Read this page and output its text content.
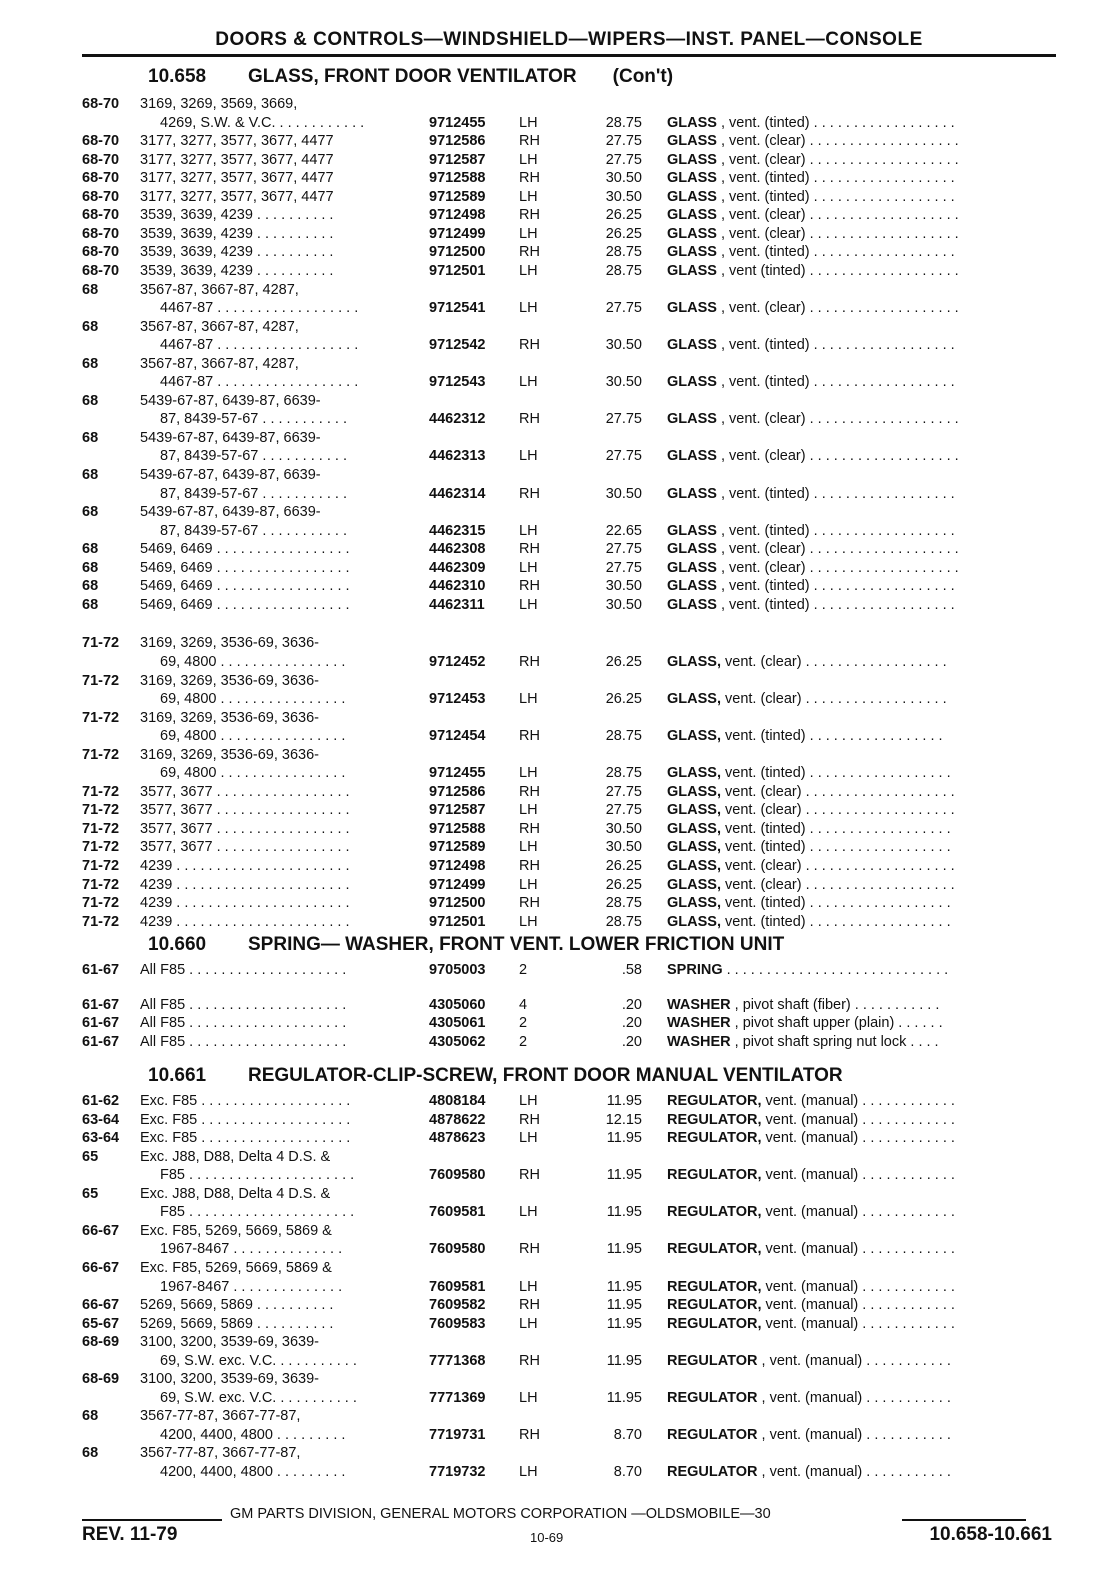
DOORS & CONTROLS—WINDSHIELD—WIPERS—INST. PANEL—CONSOLE
10.658 GLASS, FRONT DOOR VENTILATOR (Con't)
10.660 SPRING— WASHER, FRONT VENT. LOWER FRICTION UNIT
10.661 REGULATOR-CLIP-SCREW, FRONT DOOR MANUAL VENTILATOR
68-70 3169, 3269, 3569, 3669,
4269, S.W. & V.C. . . . . . . . . . . .	9712455	LH	28.75 GLASS , vent. (tinted) . . . . . . . . . . . . . . . . . .
68-70 3177, 3277, 3577, 3677, 4477	9712586	RH	27.75 GLASS , vent. (clear) . . . . . . . . . . . . . . . . . . .
68-70 3177, 3277, 3577, 3677, 4477	9712587	LH	27.75 GLASS , vent. (clear) . . . . . . . . . . . . . . . . . . .
68-70 3177, 3277, 3577, 3677, 4477	9712588	RH	30.50 GLASS , vent. (tinted) . . . . . . . . . . . . . . . . . .
68-70 3177, 3277, 3577, 3677, 4477	9712589	LH	30.50 GLASS , vent. (tinted) . . . . . . . . . . . . . . . . . .
68-70 3539, 3639, 4239 . . . . . . . . . .	9712498	RH	26.25 GLASS , vent. (clear) . . . . . . . . . . . . . . . . . . .
68-70 3539, 3639, 4239 . . . . . . . . . .	9712499	LH	26.25 GLASS , vent. (clear) . . . . . . . . . . . . . . . . . . .
68-70 3539, 3639, 4239 . . . . . . . . . .	9712500	RH	28.75 GLASS , vent. (tinted) . . . . . . . . . . . . . . . . . .
68-70 3539, 3639, 4239 . . . . . . . . . .	9712501	LH	28.75 GLASS , vent (tinted) . . . . . . . . . . . . . . . . . . .
68	3567-87, 3667-87, 4287,
4467-87 . . . . . . . . . . . . . . . . . .	9712541	LH	27.75 GLASS , vent. (clear) . . . . . . . . . . . . . . . . . . .
68	3567-87, 3667-87, 4287,
4467-87 . . . . . . . . . . . . . . . . . .	9712542	RH	30.50 GLASS , vent. (tinted) . . . . . . . . . . . . . . . . . .
68	3567-87, 3667-87, 4287,
4467-87 . . . . . . . . . . . . . . . . . .	9712543	LH	30.50 GLASS , vent. (tinted) . . . . . . . . . . . . . . . . . .
68	5439-67-87, 6439-87, 6639-
87, 8439-57-67 . . . . . . . . . . .	4462312	RH	27.75 GLASS , vent. (clear) . . . . . . . . . . . . . . . . . . .
68	5439-67-87, 6439-87, 6639-
87, 8439-57-67 . . . . . . . . . . .	4462313	LH	27.75 GLASS , vent. (clear) . . . . . . . . . . . . . . . . . . .
68	5439-67-87, 6439-87, 6639-
87, 8439-57-67 . . . . . . . . . . .	4462314	RH	30.50 GLASS , vent. (tinted) . . . . . . . . . . . . . . . . . .
68	5439-67-87, 6439-87, 6639-
87, 8439-57-67 . . . . . . . . . . .	4462315	LH	22.65 GLASS , vent. (tinted) . . . . . . . . . . . . . . . . . .
68	5469, 6469 . . . . . . . . . . . . . . . . .	4462308	RH	27.75 GLASS , vent. (clear) . . . . . . . . . . . . . . . . . . .
68	5469, 6469 . . . . . . . . . . . . . . . . .	4462309	LH	27.75 GLASS , vent. (clear) . . . . . . . . . . . . . . . . . . .
68	5469, 6469 . . . . . . . . . . . . . . . . .	4462310	RH	30.50 GLASS , vent. (tinted) . . . . . . . . . . . . . . . . . .
68	5469, 6469 . . . . . . . . . . . . . . . . .	4462311	LH	30.50 GLASS , vent. (tinted) . . . . . . . . . . . . . . . . . .
71-72 3169, 3269, 3536-69, 3636-
69, 4800 . . . . . . . . . . . . . . . .	9712452	RH	26.25 GLASS, vent. (clear) . . . . . . . . . . . . . . . . . .
71-72 3169, 3269, 3536-69, 3636-
69, 4800 . . . . . . . . . . . . . . . .	9712453	LH	26.25 GLASS, vent. (clear) . . . . . . . . . . . . . . . . . .
71-72 3169, 3269, 3536-69, 3636-
69, 4800 . . . . . . . . . . . . . . . .	9712454	RH	28.75 GLASS, vent. (tinted) . . . . . . . . . . . . . . . . .
71-72 3169, 3269, 3536-69, 3636-
69, 4800 . . . . . . . . . . . . . . . .	9712455	LH	28.75 GLASS, vent. (tinted) . . . . . . . . . . . . . . . . . .
71-72 3577, 3677 . . . . . . . . . . . . . . . . .	9712586	RH	27.75 GLASS, vent. (clear) . . . . . . . . . . . . . . . . . . .
71-72 3577, 3677 . . . . . . . . . . . . . . . . .	9712587	LH	27.75 GLASS, vent. (clear) . . . . . . . . . . . . . . . . . . .
71-72 3577, 3677 . . . . . . . . . . . . . . . . .	9712588	RH	30.50 GLASS, vent. (tinted) . . . . . . . . . . . . . . . . . .
71-72 3577, 3677 . . . . . . . . . . . . . . . . .	9712589	LH	30.50 GLASS, vent. (tinted) . . . . . . . . . . . . . . . . . .
71-72 4239 . . . . . . . . . . . . . . . . . . . . . .	9712498	RH	26.25 GLASS, vent. (clear) . . . . . . . . . . . . . . . . . . .
71-72 4239 . . . . . . . . . . . . . . . . . . . . . .	9712499	LH	26.25 GLASS, vent. (clear) . . . . . . . . . . . . . . . . . . .
71-72 4239 . . . . . . . . . . . . . . . . . . . . . .	9712500	RH	28.75 GLASS, vent. (tinted) . . . . . . . . . . . . . . . . . .
71-72 4239 . . . . . . . . . . . . . . . . . . . . . .	9712501	LH	28.75 GLASS, vent. (tinted) . . . . . . . . . . . . . . . . . .
61-67 All F85 . . . . . . . . . . . . . . . . . . . .	9705003	2	.58 SPRING . . . . . . . . . . . . . . . . . . . . . . . . . . . .
61-67 All F85 . . . . . . . . . . . . . . . . . . . .	4305060	4	.20 WASHER , pivot shaft (fiber) . . . . . . . . . . .
61-67 All F85 . . . . . . . . . . . . . . . . . . . .	4305061	2	.20 WASHER , pivot shaft upper (plain) . . . . . .
61-67 All F85 . . . . . . . . . . . . . . . . . . . .	4305062	2	.20 WASHER , pivot shaft spring nut lock . . . .
61-62 Exc. F85 . . . . . . . . . . . . . . . . . . .	4808184	LH	11.95 REGULATOR, vent. (manual) . . . . . . . . . . . .
63-64 Exc. F85 . . . . . . . . . . . . . . . . . . .	4878622	RH	12.15 REGULATOR, vent. (manual) . . . . . . . . . . . .
63-64 Exc. F85 . . . . . . . . . . . . . . . . . . .	4878623	LH	11.95 REGULATOR, vent. (manual) . . . . . . . . . . . .
65	Exc. J88, D88, Delta 4 D.S. &
F85 . . . . . . . . . . . . . . . . . . . . .	7609580	RH	11.95 REGULATOR, vent. (manual) . . . . . . . . . . . .
65	Exc. J88, D88, Delta 4 D.S. &
F85 . . . . . . . . . . . . . . . . . . . . .	7609581	LH	11.95 REGULATOR, vent. (manual) . . . . . . . . . . . .
66-67 Exc. F85, 5269, 5669, 5869 &
1967-8467 . . . . . . . . . . . . . .	7609580	RH	11.95 REGULATOR, vent. (manual) . . . . . . . . . . . .
66-67 Exc. F85, 5269, 5669, 5869 &
1967-8467 . . . . . . . . . . . . . .	7609581	LH	11.95 REGULATOR, vent. (manual) . . . . . . . . . . . .
66-67 5269, 5669, 5869 . . . . . . . . . .	7609582	RH	11.95 REGULATOR, vent. (manual) . . . . . . . . . . . .
65-67 5269, 5669, 5869 . . . . . . . . . .	7609583	LH	11.95 REGULATOR, vent. (manual) . . . . . . . . . . . .
68-69 3100, 3200, 3539-69, 3639-
69, S.W. exc. V.C. . . . . . . . . . .	7771368	RH	11.95 REGULATOR , vent. (manual) . . . . . . . . . . .
68-69 3100, 3200, 3539-69, 3639-
69, S.W. exc. V.C. . . . . . . . . . .	7771369	LH	11.95 REGULATOR , vent. (manual) . . . . . . . . . . .
68	3567-77-87, 3667-77-87,
4200, 4400, 4800 . . . . . . . . .	7719731	RH	8.70 REGULATOR , vent. (manual) . . . . . . . . . . .
68	3567-77-87, 3667-77-87,
4200, 4400, 4800 . . . . . . . . .	7719732	LH	8.70 REGULATOR , vent. (manual) . . . . . . . . . . .
GM PARTS DIVISION, GENERAL MOTORS CORPORATION —OLDSMOBILE—30
REV. 11-79	10-69	10.658-10.661
